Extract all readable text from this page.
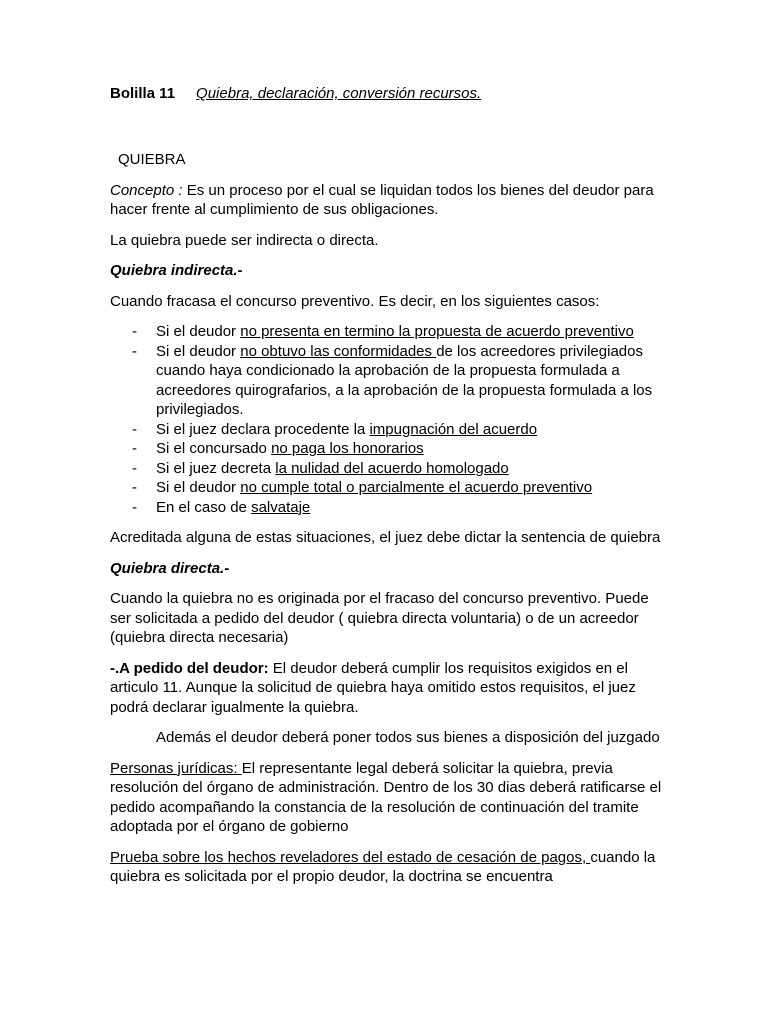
Bolilla 11 Quiebra, declaración, conversión recursos.

QUIEBRA

Concepto : Es un proceso por el cual se liquidan todos los bienes del deudor para hacer frente al cumplimiento de sus obligaciones.

La quiebra puede ser indirecta o directa.

Quiebra indirecta.-

Cuando fracasa el concurso preventivo. Es decir, en los siguientes casos:

- Si el deudor no presenta en termino la propuesta de acuerdo preventivo
- Si el deudor no obtuvo las conformidades de los acreedores privilegiados cuando haya condicionado la aprobación de la propuesta formulada a acreedores quirografarios, a la aprobación de la propuesta formulada a los privilegiados.
- Si el juez declara procedente la impugnación del acuerdo
- Si el concursado no paga los honorarios
- Si el juez decreta la nulidad del acuerdo homologado
- Si el deudor no cumple total o parcialmente el acuerdo preventivo
- En el caso de salvataje

Acreditada alguna de estas situaciones, el juez debe dictar la sentencia de quiebra

Quiebra directa.-

Cuando la quiebra no es originada por el fracaso del concurso preventivo. Puede ser solicitada a pedido del deudor ( quiebra directa voluntaria) o de un acreedor (quiebra directa necesaria)

-.A pedido del deudor: El deudor deberá cumplir los requisitos exigidos en el articulo 11. Aunque la solicitud de quiebra haya omitido estos requisitos, el juez podrá declarar igualmente la quiebra.

Además el deudor deberá poner todos sus bienes a disposición del juzgado

Personas jurídicas: El representante legal deberá solicitar la quiebra, previa resolución del órgano de administración. Dentro de los 30 dias deberá ratificarse el pedido acompañando la constancia de la resolución de continuación del tramite adoptada por el órgano de gobierno

Prueba sobre los hechos reveladores del estado de cesación de pagos, cuando la quiebra es solicitada por el propio deudor, la doctrina se encuentra
